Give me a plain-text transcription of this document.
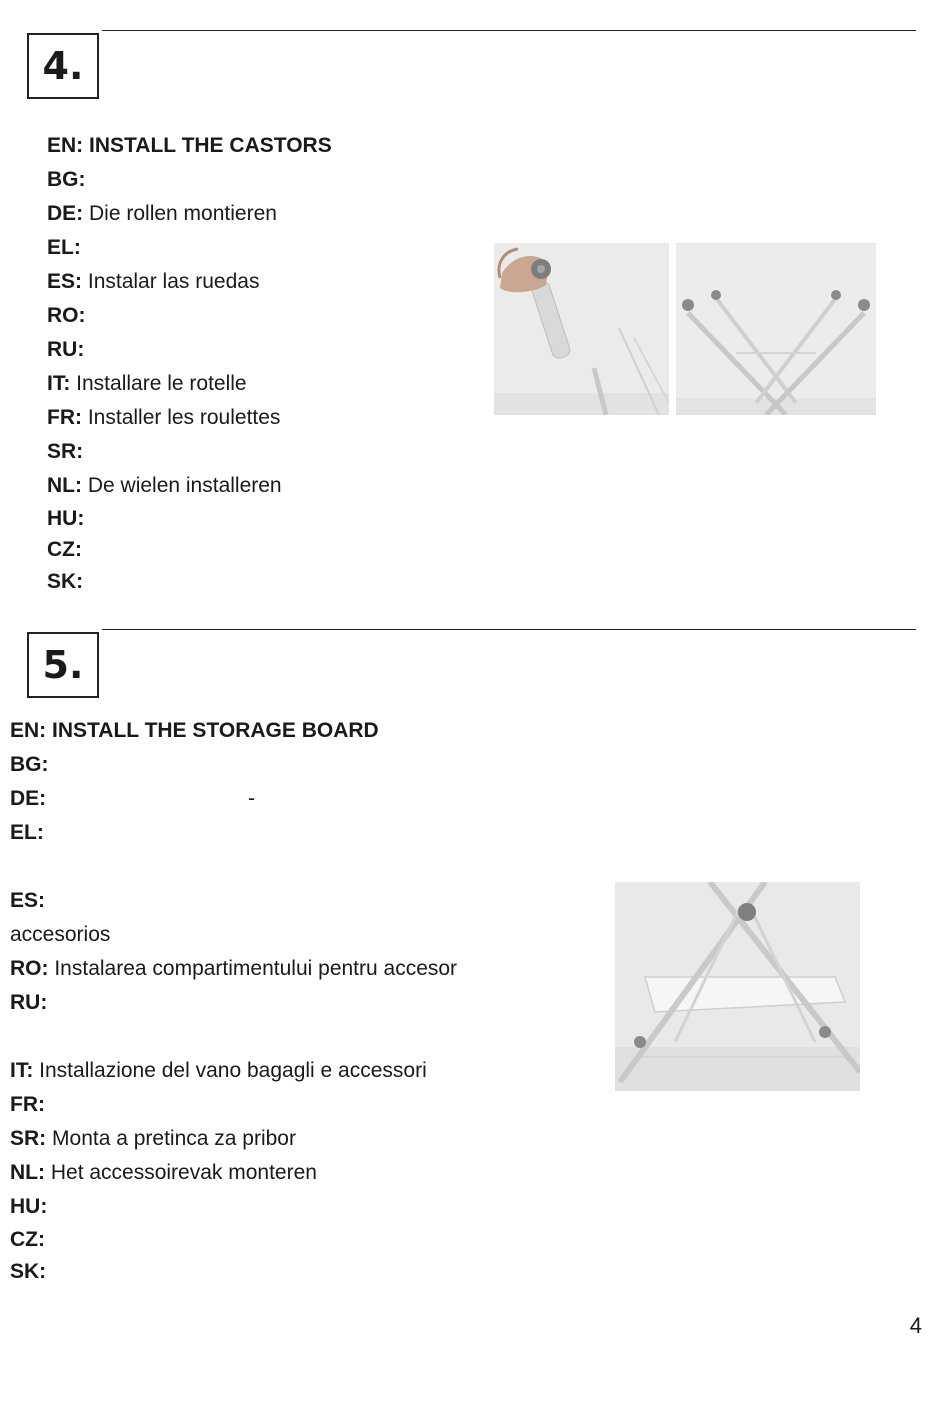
4.
EN: INSTALL THE CASTORS
BG:
DE: Die rollen montieren
EL:
ES: Instalar las ruedas
RO:
RU:
IT: Installare le rotelle
FR: Installer les roulettes
SR:
NL: De wielen installeren
HU:
CZ:
SK:
5.
EN: INSTALL THE STORAGE BOARD
BG:
DE:	-
EL:
ES:
accesorios
RO: Instalarea compartimentului pentru accesor
RU:
IT: Installazione del vano bagagli e accessori
FR:
SR: Monta a pretinca za pribor
NL: Het accessoirevak monteren
HU:
CZ:
SK:
4
